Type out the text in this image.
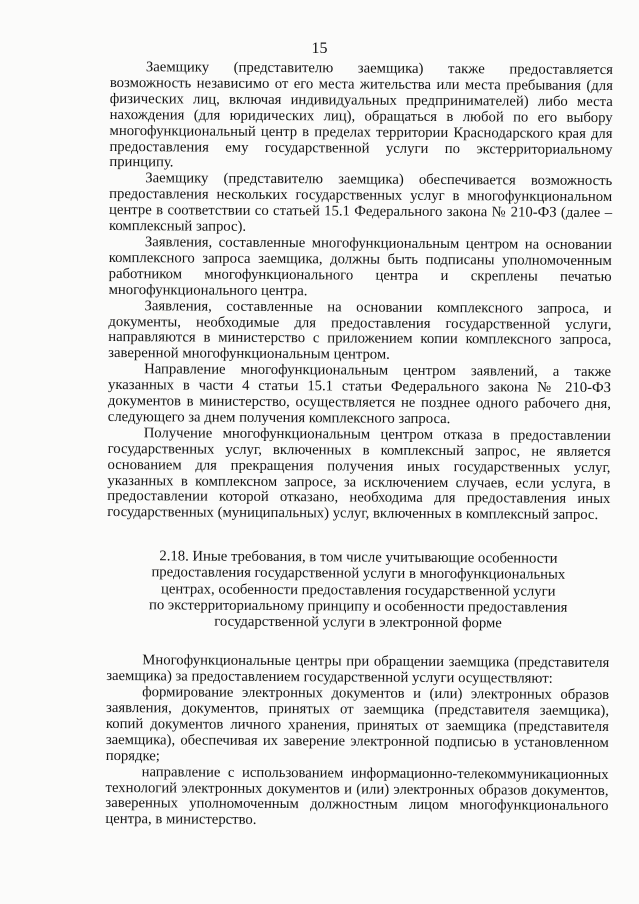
15

Заемщику (представителю заемщика) также предоставляется возможность независимо от его места жительства или места пребывания (для физических лиц, включая индивидуальных предпринимателей) либо места нахождения (для юридических лиц), обращаться в любой по его выбору многофункциональный центр в пределах территории Краснодарского края для предоставления ему государственной услуги по экстерриториальному принципу.

Заемщику (представителю заемщика) обеспечивается возможность предоставления нескольких государственных услуг в многофункциональном центре в соответствии со статьей 15.1 Федерального закона № 210-ФЗ (далее – комплексный запрос).

Заявления, составленные многофункциональным центром на основании комплексного запроса заемщика, должны быть подписаны уполномоченным работником многофункционального центра и скреплены печатью многофункционального центра.

Заявления, составленные на основании комплексного запроса, и документы, необходимые для предоставления государственной услуги, направляются в министерство с приложением копии комплексного запроса, заверенной многофункциональным центром.

Направление многофункциональным центром заявлений, а также указанных в части 4 статьи 15.1 статьи Федерального закона № 210-ФЗ документов в министерство, осуществляется не позднее одного рабочего дня, следующего за днем получения комплексного запроса.

Получение многофункциональным центром отказа в предоставлении государственных услуг, включенных в комплексный запрос, не является основанием для прекращения получения иных государственных услуг, указанных в комплексном запросе, за исключением случаев, если услуга, в предоставлении которой отказано, необходима для предоставления иных государственных (муниципальных) услуг, включенных в комплексный запрос.

2.18. Иные требования, в том числе учитывающие особенности
предоставления государственной услуги в многофункциональных
центрах, особенности предоставления государственной услуги
по экстерриториальному принципу и особенности предоставления
государственной услуги в электронной форме

Многофункциональные центры при обращении заемщика (представителя заемщика) за предоставлением государственной услуги осуществляют:

формирование электронных документов и (или) электронных образов заявления, документов, принятых от заемщика (представителя заемщика), копий документов личного хранения, принятых от заемщика (представителя заемщика), обеспечивая их заверение электронной подписью в установленном порядке;

направление с использованием информационно-телекоммуникационных технологий электронных документов и (или) электронных образов документов, заверенных уполномоченным должностным лицом многофункционального центра, в министерство.
